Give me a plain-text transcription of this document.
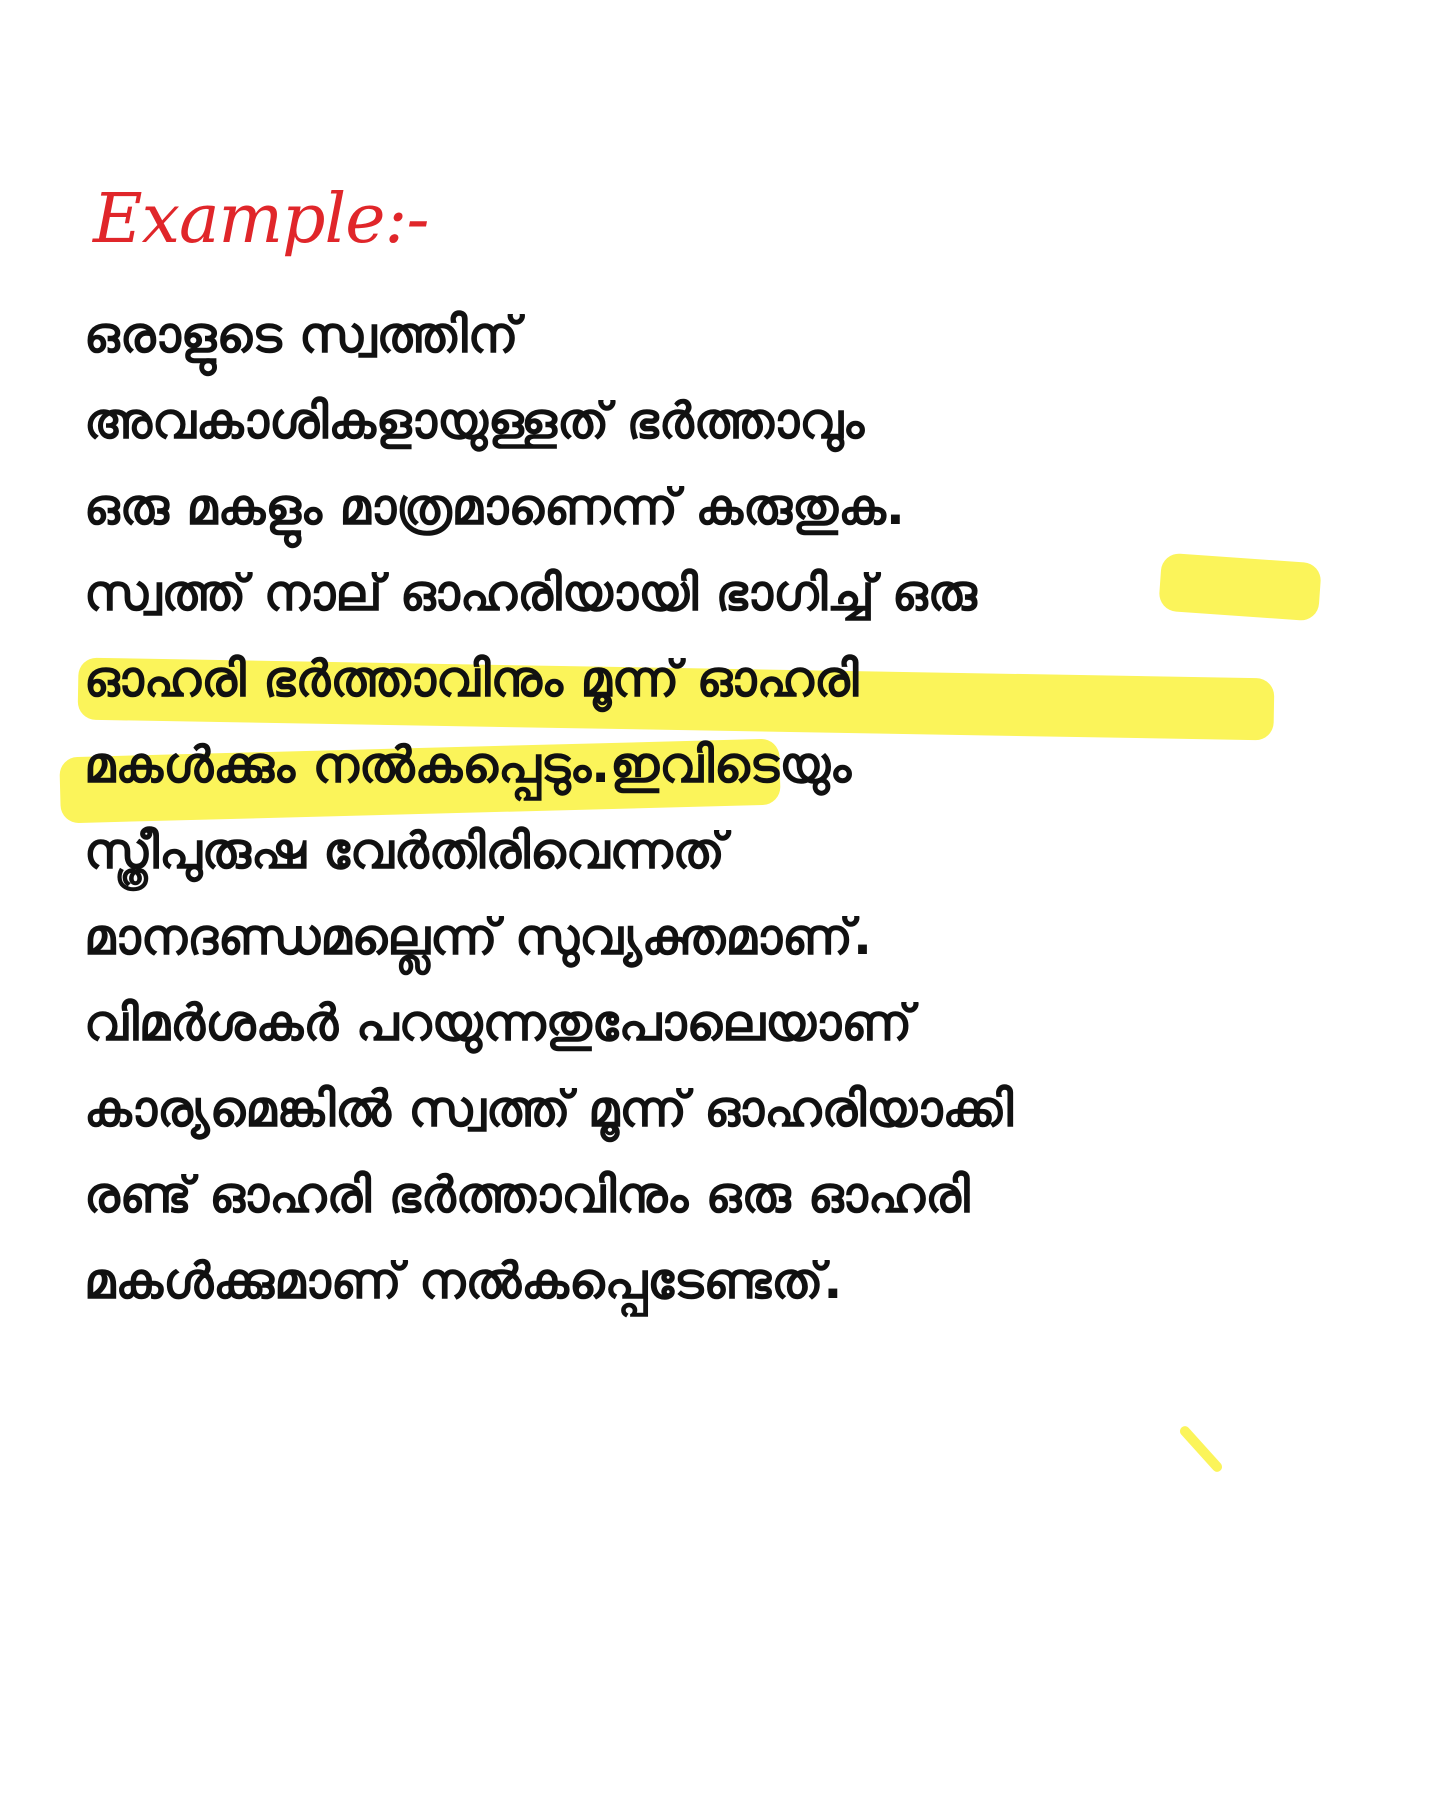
Example:-
ഒരാളുടെ സ്വത്തിന്
അവകാശികളായുള്ളത് ഭർത്താവും
ഒരു മകളും മാത്രമാണെന്ന് കരുതുക.
സ്വത്ത് നാല് ഓഹരിയായി ഭാഗിച്ച് ഒരു
ഓഹരി ഭർത്താവിനും മൂന്ന് ഓഹരി
മകൾക്കും നൽകപ്പെടും.ഇവിടെയും
സ്ത്രീപുരുഷ വേർതിരിവെന്നത്
മാനദണ്ഡമല്ലെന്ന് സുവ്യക്തമാണ്.
വിമർശകർ പറയുന്നതുപോലെയാണ്
കാര്യമെങ്കിൽ സ്വത്ത് മൂന്ന് ഓഹരിയാക്കി
രണ്ട് ഓഹരി ഭർത്താവിനും ഒരു ഓഹരി
മകൾക്കുമാണ് നൽകപ്പെടേണ്ടത്.
